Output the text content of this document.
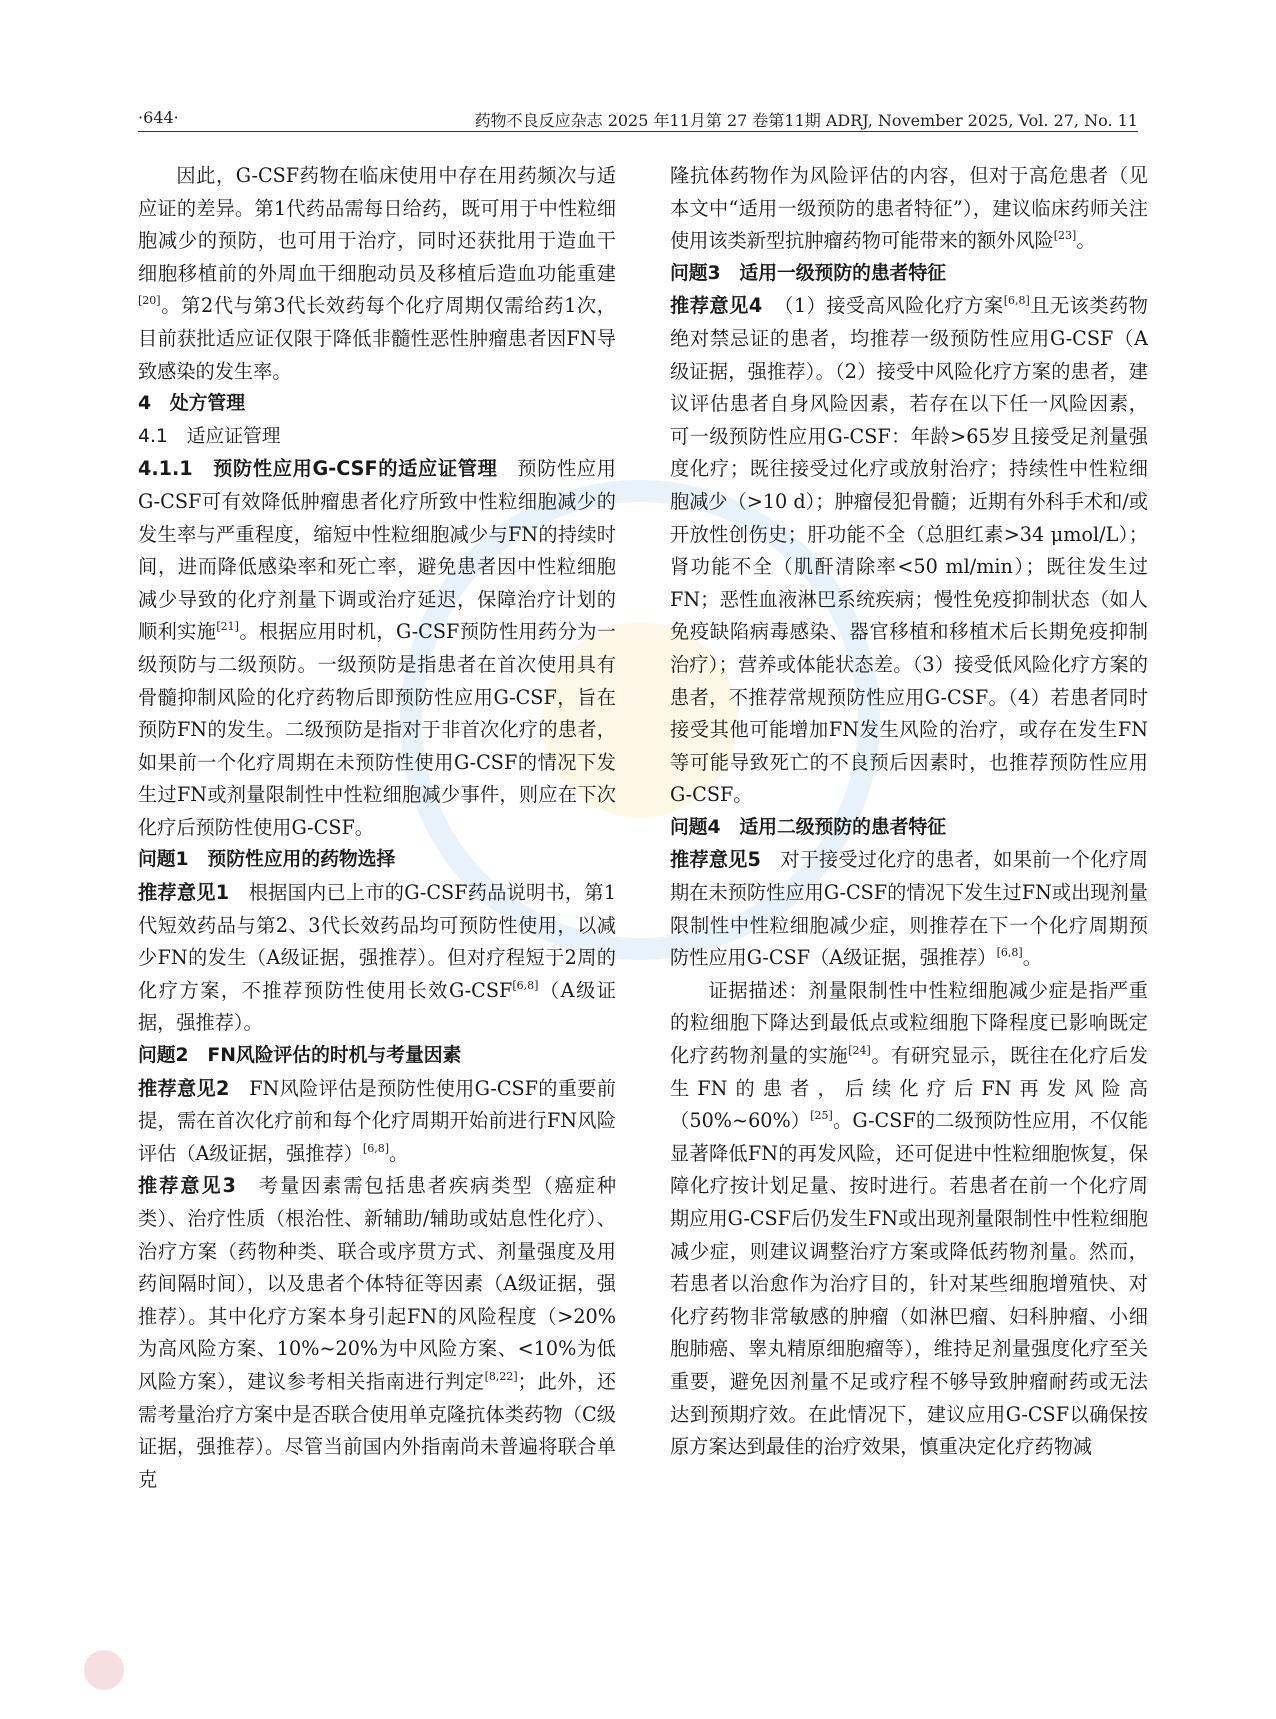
·644·	药物不良反应杂志 2025 年11月第 27 卷第11期 ADRJ, November 2025, Vol. 27, No. 11

因此，G-CSF药物在临床使用中存在用药频次与适应证的差异。第1代药品需每日给药，既可用于中性粒细胞减少的预防，也可用于治疗，同时还获批用于造血干细胞移植前的外周血干细胞动员及移植后造血功能重建[20]。第2代与第3代长效药每个化疗周期仅需给药1次，目前获批适应证仅限于降低非髓性恶性肿瘤患者因FN导致感染的发生率。

4　处方管理

4.1　适应证管理

4.1.1　预防性应用G-CSF的适应证管理　预防性应用G-CSF可有效降低肿瘤患者化疗所致中性粒细胞减少的发生率与严重程度，缩短中性粒细胞减少与FN的持续时间，进而降低感染率和死亡率，避免患者因中性粒细胞减少导致的化疗剂量下调或治疗延迟，保障治疗计划的顺利实施[21]。根据应用时机，G-CSF预防性用药分为一级预防与二级预防。一级预防是指患者在首次使用具有骨髓抑制风险的化疗药物后即预防性应用G-CSF，旨在预防FN的发生。二级预防是指对于非首次化疗的患者，如果前一个化疗周期在未预防性使用G-CSF的情况下发生过FN或剂量限制性中性粒细胞减少事件，则应在下次化疗后预防性使用G-CSF。

问题1　预防性应用的药物选择

推荐意见1　根据国内已上市的G-CSF药品说明书，第1代短效药品与第2、3代长效药品均可预防性使用，以减少FN的发生（A级证据，强推荐）。但对疗程短于2周的化疗方案，不推荐预防性使用长效G-CSF[6,8]（A级证据，强推荐）。

问题2　FN风险评估的时机与考量因素

推荐意见2　FN风险评估是预防性使用G-CSF的重要前提，需在首次化疗前和每个化疗周期开始前进行FN风险评估（A级证据，强推荐）[6,8]。

推荐意见3　考量因素需包括患者疾病类型（癌症种类）、治疗性质（根治性、新辅助/辅助或姑息性化疗）、治疗方案（药物种类、联合或序贯方式、剂量强度及用药间隔时间），以及患者个体特征等因素（A级证据，强推荐）。其中化疗方案本身引起FN的风险程度（>20%为高风险方案、10%~20%为中风险方案、<10%为低风险方案），建议参考相关指南进行判定[8,22]；此外，还需考量治疗方案中是否联合使用单克隆抗体类药物（C级证据，强推荐）。尽管当前国内外指南尚未普遍将联合单克

隆抗体药物作为风险评估的内容，但对于高危患者（见本文中“适用一级预防的患者特征”），建议临床药师关注使用该类新型抗肿瘤药物可能带来的额外风险[23]。

问题3　适用一级预防的患者特征

推荐意见4 （1）接受高风险化疗方案[6,8]且无该类药物绝对禁忌证的患者，均推荐一级预防性应用G-CSF（A级证据，强推荐）。（2）接受中风险化疗方案的患者，建议评估患者自身风险因素，若存在以下任一风险因素，可一级预防性应用G-CSF：年龄>65岁且接受足剂量强度化疗；既往接受过化疗或放射治疗；持续性中性粒细胞减少（>10 d）；肿瘤侵犯骨髓；近期有外科手术和/或开放性创伤史；肝功能不全（总胆红素>34 μmol/L）；肾功能不全（肌酐清除率<50 ml/min）；既往发生过FN；恶性血液淋巴系统疾病；慢性免疫抑制状态（如人免疫缺陷病毒感染、器官移植和移植术后长期免疫抑制治疗）；营养或体能状态差。（3）接受低风险化疗方案的患者，不推荐常规预防性应用G-CSF。（4）若患者同时接受其他可能增加FN发生风险的治疗，或存在发生FN等可能导致死亡的不良预后因素时，也推荐预防性应用G-CSF。

问题4　适用二级预防的患者特征

推荐意见5　对于接受过化疗的患者，如果前一个化疗周期在未预防性应用G-CSF的情况下发生过FN或出现剂量限制性中性粒细胞减少症，则推荐在下一个化疗周期预防性应用G-CSF（A级证据，强推荐）[6,8]。

证据描述：剂量限制性中性粒细胞减少症是指严重的粒细胞下降达到最低点或粒细胞下降程度已影响既定化疗药物剂量的实施[24]。有研究显示，既往在化疗后发生FN的患者，后续化疗后FN再发风险高（50%~60%）[25]。G-CSF的二级预防性应用，不仅能显著降低FN的再发风险，还可促进中性粒细胞恢复，保障化疗按计划足量、按时进行。若患者在前一个化疗周期应用G-CSF后仍发生FN或出现剂量限制性中性粒细胞减少症，则建议调整治疗方案或降低药物剂量。然而，若患者以治愈作为治疗目的，针对某些细胞增殖快、对化疗药物非常敏感的肿瘤（如淋巴瘤、妇科肿瘤、小细胞肺癌、睾丸精原细胞瘤等），维持足剂量强度化疗至关重要，避免因剂量不足或疗程不够导致肿瘤耐药或无法达到预期疗效。在此情况下，建议应用G-CSF以确保按原方案达到最佳的治疗效果，慎重决定化疗药物减
